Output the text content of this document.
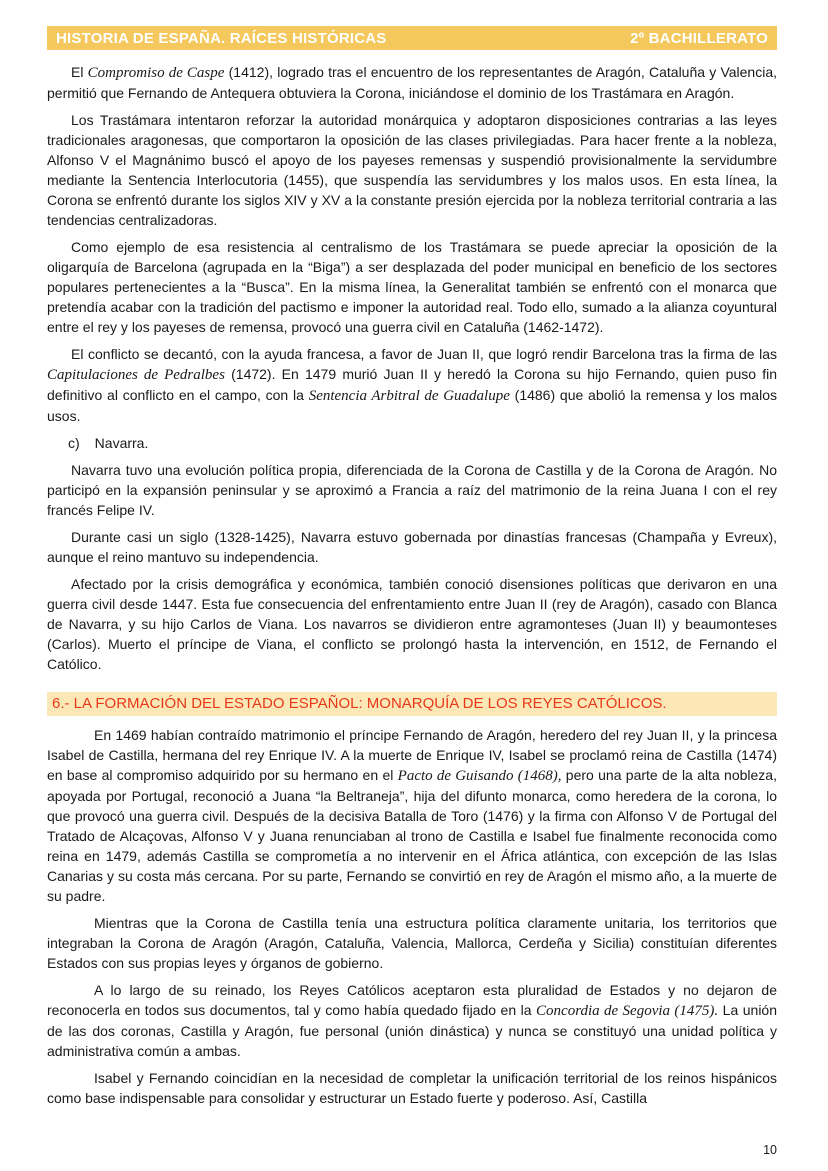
HISTORIA DE ESPAÑA. RAÍCES HISTÓRICAS	2º BACHILLERATO

El Compromiso de Caspe (1412), logrado tras el encuentro de los representantes de Aragón, Cataluña y Valencia, permitió que Fernando de Antequera obtuviera la Corona, iniciándose el dominio de los Trastámara en Aragón.

Los Trastámara intentaron reforzar la autoridad monárquica y adoptaron disposiciones contrarias a las leyes tradicionales aragonesas, que comportaron la oposición de las clases privilegiadas. Para hacer frente a la nobleza, Alfonso V el Magnánimo buscó el apoyo de los payeses remensas y suspendió provisionalmente la servidumbre mediante la Sentencia Interlocutoria (1455), que suspendía las servidumbres y los malos usos. En esta línea, la Corona se enfrentó durante los siglos XIV y XV a la constante presión ejercida por la nobleza territorial contraria a las tendencias centralizadoras.

Como ejemplo de esa resistencia al centralismo de los Trastámara se puede apreciar la oposición de la oligarquía de Barcelona (agrupada en la “Biga”) a ser desplazada del poder municipal en beneficio de los sectores populares pertenecientes a la “Busca”. En la misma línea, la Generalitat también se enfrentó con el monarca que pretendía acabar con la tradición del pactismo e imponer la autoridad real. Todo ello, sumado a la alianza coyuntural entre el rey y los payeses de remensa, provocó una guerra civil en Cataluña (1462-1472).

El conflicto se decantó, con la ayuda francesa, a favor de Juan II, que logró rendir Barcelona tras la firma de las Capitulaciones de Pedralbes (1472). En 1479 murió Juan II y heredó la Corona su hijo Fernando, quien puso fin definitivo al conflicto en el campo, con la Sentencia Arbitral de Guadalupe (1486) que abolió la remensa y los malos usos.

c) Navarra.

Navarra tuvo una evolución política propia, diferenciada de la Corona de Castilla y de la Corona de Aragón. No participó en la expansión peninsular y se aproximó a Francia a raíz del matrimonio de la reina Juana I con el rey francés Felipe IV.

Durante casi un siglo (1328-1425), Navarra estuvo gobernada por dinastías francesas (Champaña y Evreux), aunque el reino mantuvo su independencia.

Afectado por la crisis demográfica y económica, también conoció disensiones políticas que derivaron en una guerra civil desde 1447. Esta fue consecuencia del enfrentamiento entre Juan II (rey de Aragón), casado con Blanca de Navarra, y su hijo Carlos de Viana. Los navarros se dividieron entre agramonteses (Juan II) y beaumonteses (Carlos). Muerto el príncipe de Viana, el conflicto se prolongó hasta la intervención, en 1512, de Fernando el Católico.

6.- LA FORMACIÓN DEL ESTADO ESPAÑOL: MONARQUÍA DE LOS REYES CATÓLICOS.

En 1469 habían contraído matrimonio el príncipe Fernando de Aragón, heredero del rey Juan II, y la princesa Isabel de Castilla, hermana del rey Enrique IV. A la muerte de Enrique IV, Isabel se proclamó reina de Castilla (1474) en base al compromiso adquirido por su hermano en el Pacto de Guisando (1468), pero una parte de la alta nobleza, apoyada por Portugal, reconoció a Juana “la Beltraneja”, hija del difunto monarca, como heredera de la corona, lo que provocó una guerra civil. Después de la decisiva Batalla de Toro (1476) y la firma con Alfonso V de Portugal del Tratado de Alcaçovas, Alfonso V y Juana renunciaban al trono de Castilla e Isabel fue finalmente reconocida como reina en 1479, además Castilla se comprometía a no intervenir en el África atlántica, con excepción de las Islas Canarias y su costa más cercana. Por su parte, Fernando se convirtió en rey de Aragón el mismo año, a la muerte de su padre.

Mientras que la Corona de Castilla tenía una estructura política claramente unitaria, los territorios que integraban la Corona de Aragón (Aragón, Cataluña, Valencia, Mallorca, Cerdeña y Sicilia) constituían diferentes Estados con sus propias leyes y órganos de gobierno.

A lo largo de su reinado, los Reyes Católicos aceptaron esta pluralidad de Estados y no dejaron de reconocerla en todos sus documentos, tal y como había quedado fijado en la Concordia de Segovia (1475). La unión de las dos coronas, Castilla y Aragón, fue personal (unión dinástica) y nunca se constituyó una unidad política y administrativa común a ambas.

Isabel y Fernando coincidían en la necesidad de completar la unificación territorial de los reinos hispánicos como base indispensable para consolidar y estructurar un Estado fuerte y poderoso. Así, Castilla

10
